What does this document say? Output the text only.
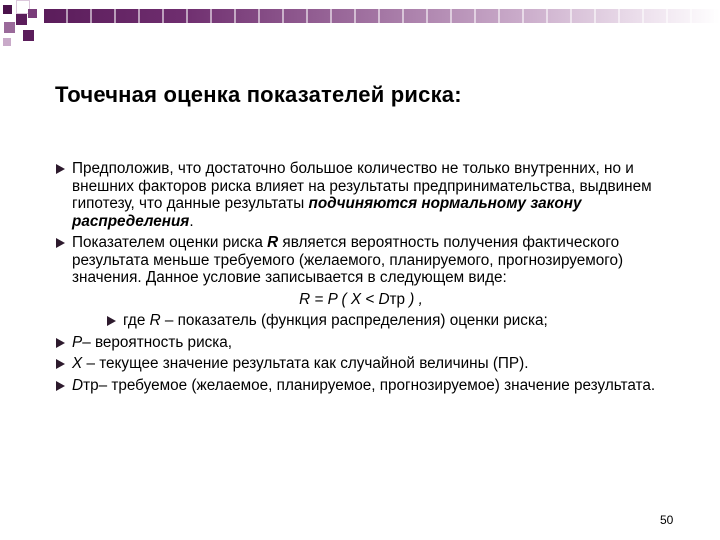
Точечная оценка показателей риска:
Предположив, что достаточно большое количество не только внутренних, но и внешних факторов риска влияет на результаты предпринимательства, выдвинем гипотезу, что данные результаты подчиняются нормальному закону распределения.
Показателем оценки риска R является вероятность получения фактического результата меньше требуемого (желаемого, планируемого, прогнозируемого) значения. Данное условие записывается в следующем виде:
R = P ( X < Dтр ) ,
где R – показатель (функция распределения) оценки риска;
P– вероятность риска,
X – текущее значение результата как случайной величины (ПР).
Dтр– требуемое (желаемое, планируемое, прогнозируемое) значение результата.
50
